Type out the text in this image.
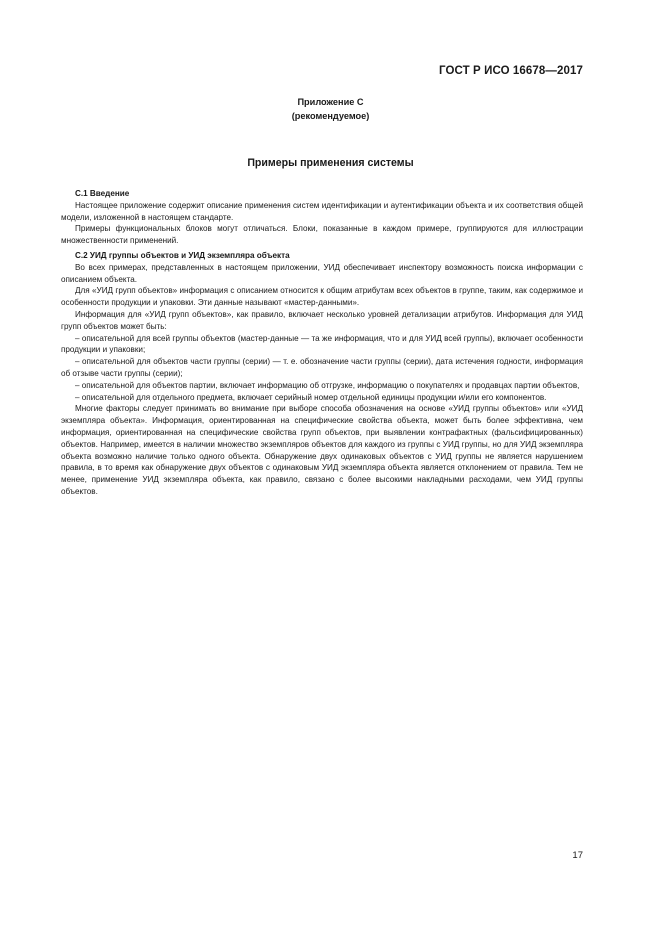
ГОСТ Р ИСО 16678—2017
Приложение С
(рекомендуемое)
Примеры применения системы
С.1 Введение

Настоящее приложение содержит описание применения систем идентификации и аутентификации объекта и их соответствия общей модели, изложенной в настоящем стандарте.

Примеры функциональных блоков могут отличаться. Блоки, показанные в каждом примере, группируются для иллюстрации множественности применений.

С.2 УИД группы объектов и УИД экземпляра объекта

Во всех примерах, представленных в настоящем приложении, УИД обеспечивает инспектору возможность поиска информации с описанием объекта.

Для «УИД групп объектов» информация с описанием относится к общим атрибутам всех объектов в группе, таким, как содержимое и особенности продукции и упаковки. Эти данные называют «мастер-данными».

Информация для «УИД групп объектов», как правило, включает несколько уровней детализации атрибутов. Информация для УИД групп объектов может быть:

– описательной для всей группы объектов (мастер-данные — та же информация, что и для УИД всей группы), включает особенности продукции и упаковки;

– описательной для объектов части группы (серии) — т. е. обозначение части группы (серии), дата истечения годности, информация об отзыве части группы (серии);

– описательной для объектов партии, включает информацию об отгрузке, информацию о покупателях и продавцах партии объектов,

– описательной для отдельного предмета, включает серийный номер отдельной единицы продукции и/или его компонентов.

Многие факторы следует принимать во внимание при выборе способа обозначения на основе «УИД группы объектов» или «УИД экземпляра объекта». Информация, ориентированная на специфические свойства объекта, может быть более эффективна, чем информация, ориентированная на специфические свойства групп объектов, при выявлении контрафактных (фальсифицированных) объектов. Например, имеется в наличии множество экземпляров объектов для каждого из группы с УИД группы, но для УИД экземпляра объекта возможно наличие только одного объекта. Обнаружение двух одинаковых объектов с УИД группы не является нарушением правила, в то время как обнаружение двух объектов с одинаковым УИД экземпляра объекта является отклонением от правила. Тем не менее, применение УИД экземпляра объекта, как правило, связано с более высокими накладными расходами, чем УИД группы объектов.

17
